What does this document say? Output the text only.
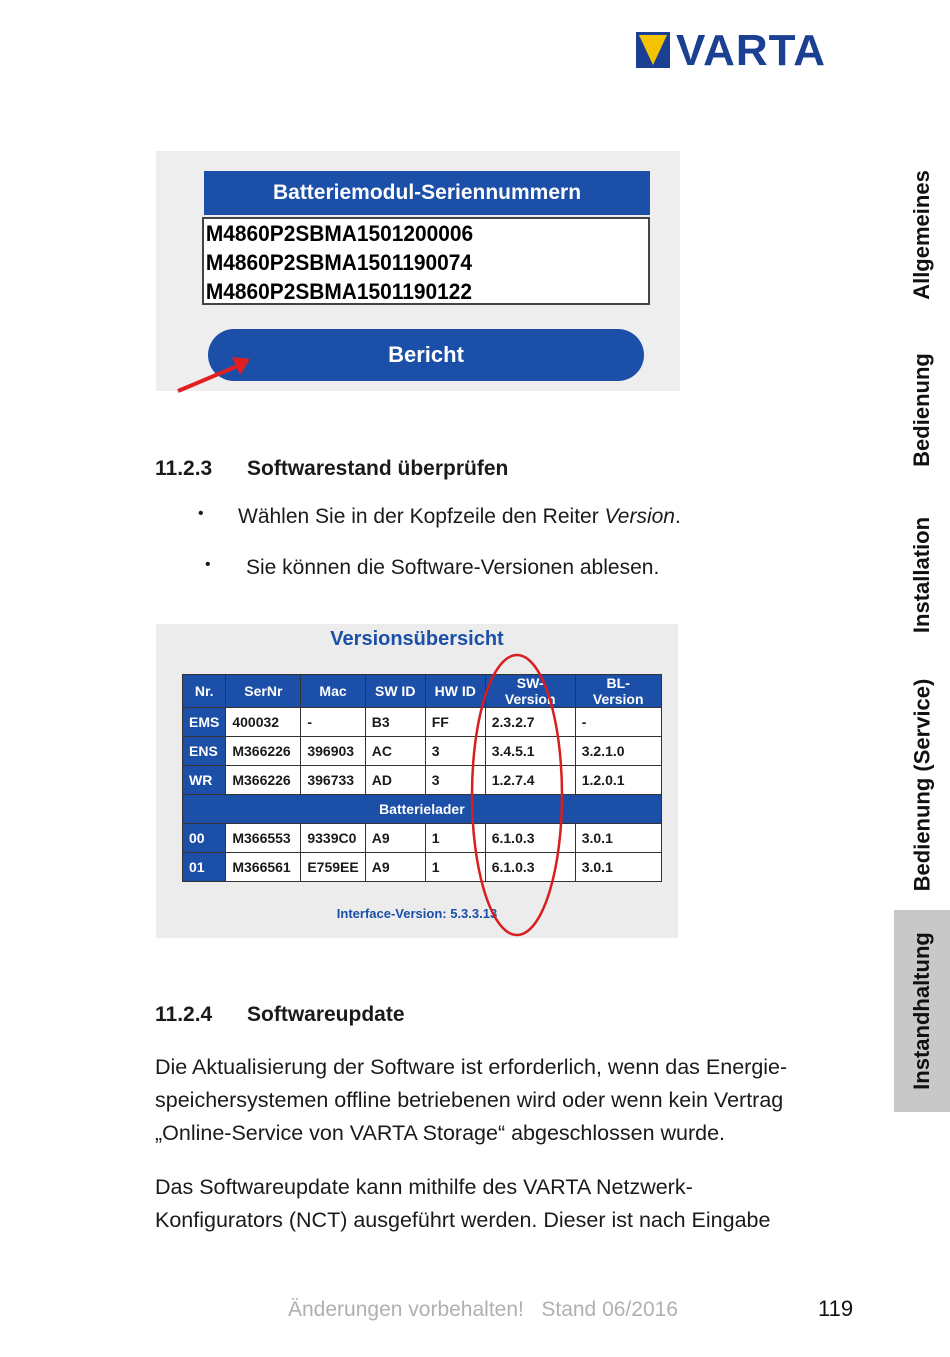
VARTA
Allgemeines
Bedienung
Installation
Bedienung (Service)
Instandhaltung
Batteriemodul-Seriennummern
M4860P2SBMA1501200006
M4860P2SBMA1501190074
M4860P2SBMA1501190122
Bericht
11.2.3 Softwarestand überprüfen
• Wählen Sie in der Kopfzeile den Reiter Version.
• Sie können die Software-Versionen ablesen.
Versionsübersicht
Nr.	SerNr	Mac	SW ID	HW ID	SW-Version	BL-Version
EMS	400032	-	B3	FF	2.3.2.7	-
ENS	M366226	396903	AC	3	3.4.5.1	3.2.1.0
WR	M366226	396733	AD	3	1.2.7.4	1.2.0.1
Batterielader						
00	M366553	9339C0	A9	1	6.1.0.3	3.0.1
01	M366561	E759EE	A9	1	6.1.0.3	3.0.1
Interface-Version: 5.3.3.13
11.2.4 Softwareupdate
Die Aktualisierung der Software ist erforderlich, wenn das Energie-
speichersystemen offline betriebenen wird oder wenn kein Vertrag
„Online-Service von VARTA Storage“ abgeschlossen wurde.
Das Softwareupdate kann mithilfe des VARTA Netzwerk-
Konfigurators (NCT) ausgeführt werden. Dieser ist nach Eingabe
Änderungen vorbehalten!   Stand 06/2016	119
